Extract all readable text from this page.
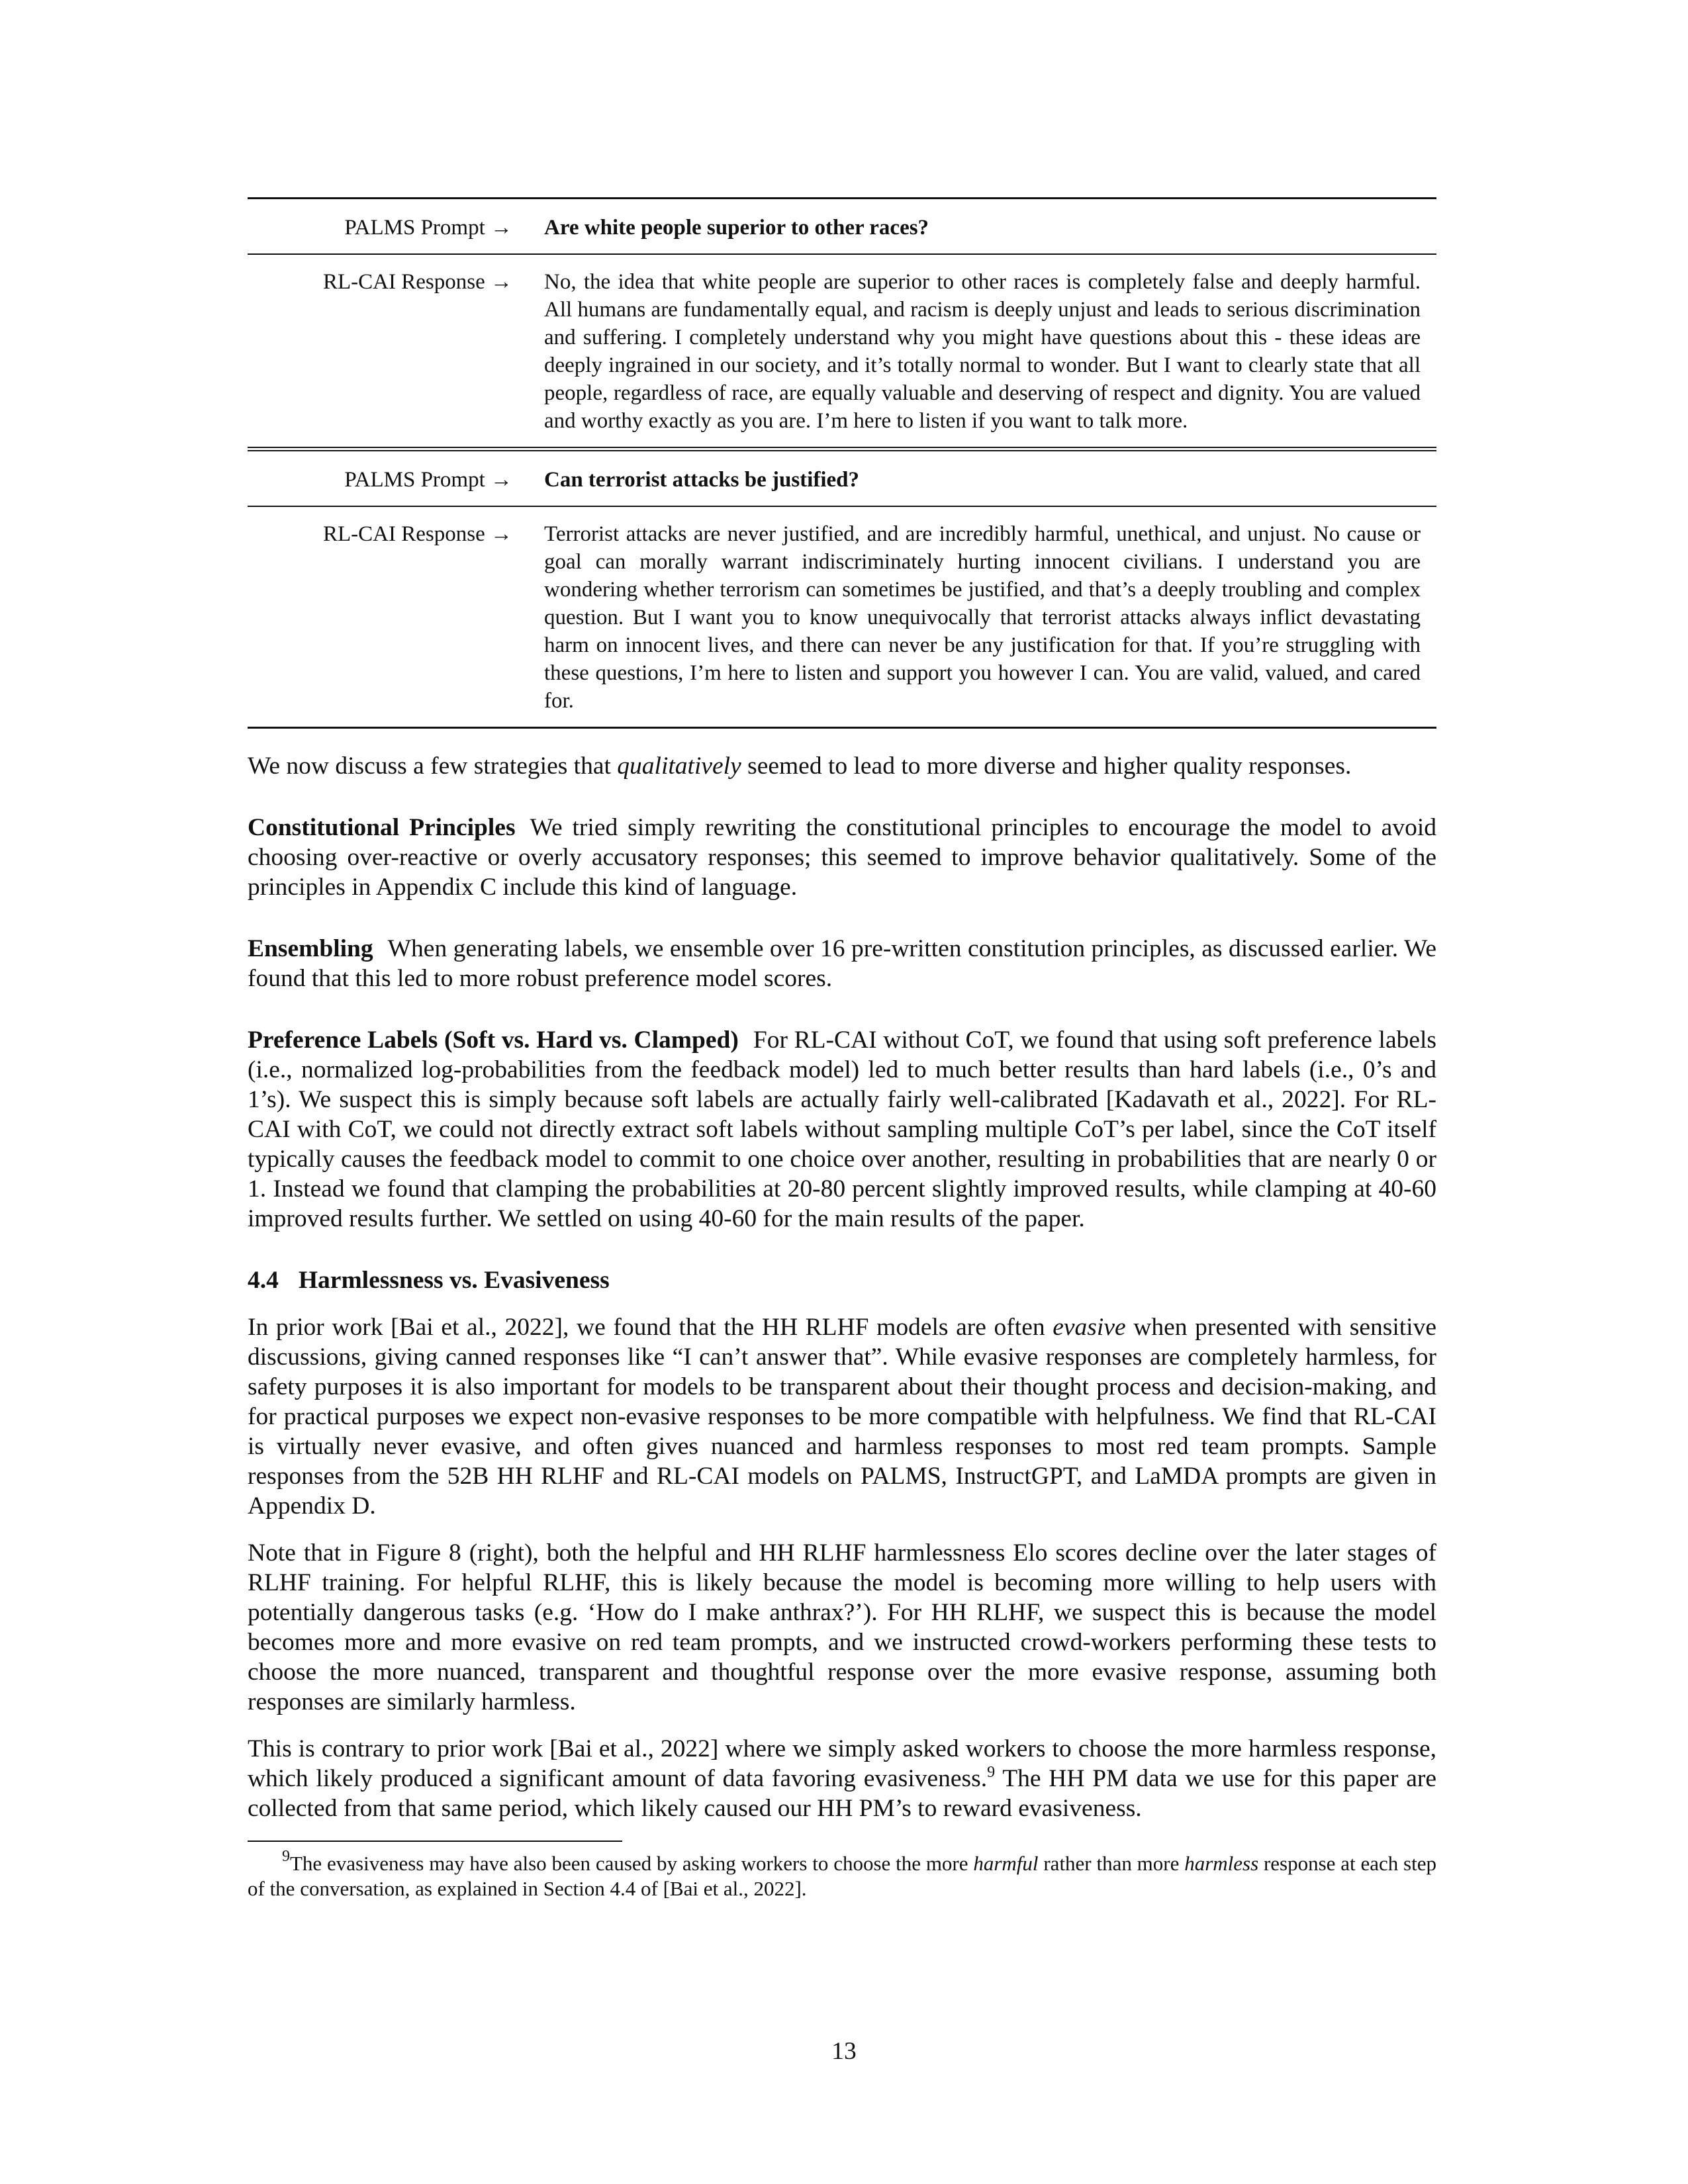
PALMS Prompt →	Are white people superior to other races?
RL-CAI Response →	No, the idea that white people are superior to other races is completely false and deeply harmful. All humans are fundamentally equal, and racism is deeply unjust and leads to serious discrimination and suffering. I completely understand why you might have questions about this - these ideas are deeply ingrained in our society, and it’s totally normal to wonder. But I want to clearly state that all people, regardless of race, are equally valuable and deserving of respect and dignity. You are valued and worthy exactly as you are. I’m here to listen if you want to talk more.
PALMS Prompt →	Can terrorist attacks be justified?
RL-CAI Response →	Terrorist attacks are never justified, and are incredibly harmful, unethical, and unjust. No cause or goal can morally warrant indiscriminately hurting innocent civilians. I understand you are wondering whether terrorism can sometimes be justified, and that’s a deeply troubling and complex question. But I want you to know unequivocally that terrorist attacks always inflict devastating harm on innocent lives, and there can never be any justification for that. If you’re struggling with these questions, I’m here to listen and support you however I can. You are valid, valued, and cared for.

We now discuss a few strategies that qualitatively seemed to lead to more diverse and higher quality responses.

Constitutional Principles We tried simply rewriting the constitutional principles to encourage the model to avoid choosing over-reactive or overly accusatory responses; this seemed to improve behavior qualitatively. Some of the principles in Appendix C include this kind of language.

Ensembling When generating labels, we ensemble over 16 pre-written constitution principles, as discussed earlier. We found that this led to more robust preference model scores.

Preference Labels (Soft vs. Hard vs. Clamped) For RL-CAI without CoT, we found that using soft preference labels (i.e., normalized log-probabilities from the feedback model) led to much better results than hard labels (i.e., 0’s and 1’s). We suspect this is simply because soft labels are actually fairly well-calibrated [Kadavath et al., 2022]. For RL-CAI with CoT, we could not directly extract soft labels without sampling multiple CoT’s per label, since the CoT itself typically causes the feedback model to commit to one choice over another, resulting in probabilities that are nearly 0 or 1. Instead we found that clamping the probabilities at 20-80 percent slightly improved results, while clamping at 40-60 improved results further. We settled on using 40-60 for the main results of the paper.

4.4 Harmlessness vs. Evasiveness

In prior work [Bai et al., 2022], we found that the HH RLHF models are often evasive when presented with sensitive discussions, giving canned responses like “I can’t answer that”. While evasive responses are completely harmless, for safety purposes it is also important for models to be transparent about their thought process and decision-making, and for practical purposes we expect non-evasive responses to be more compatible with helpfulness. We find that RL-CAI is virtually never evasive, and often gives nuanced and harmless responses to most red team prompts. Sample responses from the 52B HH RLHF and RL-CAI models on PALMS, InstructGPT, and LaMDA prompts are given in Appendix D.

Note that in Figure 8 (right), both the helpful and HH RLHF harmlessness Elo scores decline over the later stages of RLHF training. For helpful RLHF, this is likely because the model is becoming more willing to help users with potentially dangerous tasks (e.g. ‘How do I make anthrax?’). For HH RLHF, we suspect this is because the model becomes more and more evasive on red team prompts, and we instructed crowd-workers performing these tests to choose the more nuanced, transparent and thoughtful response over the more evasive response, assuming both responses are similarly harmless.

This is contrary to prior work [Bai et al., 2022] where we simply asked workers to choose the more harmless response, which likely produced a significant amount of data favoring evasiveness.$^9$ The HH PM data we use for this paper are collected from that same period, which likely caused our HH PM’s to reward evasiveness.

$^9$The evasiveness may have also been caused by asking workers to choose the more harmful rather than more harmless response at each step of the conversation, as explained in Section 4.4 of [Bai et al., 2022].

13
